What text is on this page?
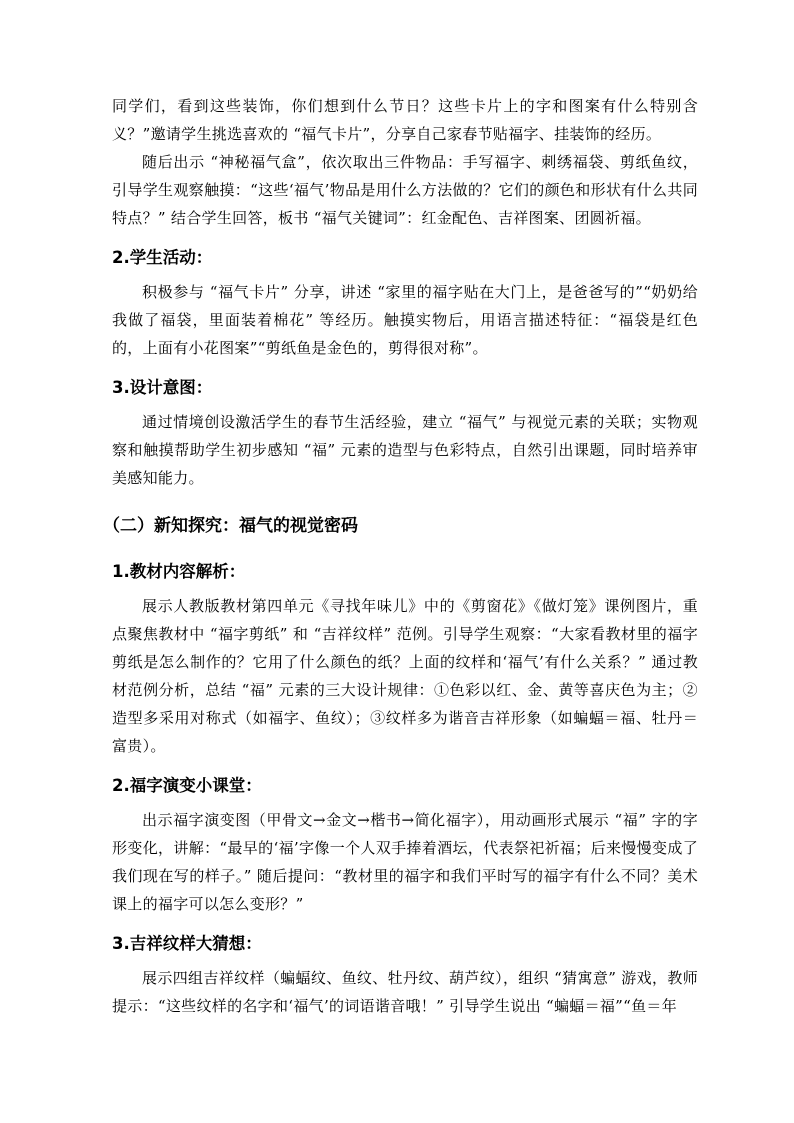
同学们，看到这些装饰，你们想到什么节日？这些卡片上的字和图案有什么特别含义？”邀请学生挑选喜欢的 “福气卡片”，分享自己家春节贴福字、挂装饰的经历。

随后出示 “神秘福气盒”，依次取出三件物品：手写福字、刺绣福袋、剪纸鱼纹，引导学生观察触摸：“这些‘福气’物品是用什么方法做的？它们的颜色和形状有什么共同特点？” 结合学生回答，板书 “福气关键词”：红金配色、吉祥图案、团圆祈福。

2.学生活动：

积极参与 “福气卡片” 分享，讲述 “家里的福字贴在大门上，是爸爸写的”“奶奶给我做了福袋，里面装着棉花” 等经历。触摸实物后，用语言描述特征：“福袋是红色的，上面有小花图案”“剪纸鱼是金色的，剪得很对称”。

3.设计意图：

通过情境创设激活学生的春节生活经验，建立 “福气” 与视觉元素的关联；实物观察和触摸帮助学生初步感知 “福” 元素的造型与色彩特点，自然引出课题，同时培养审美感知能力。

（二）新知探究：福气的视觉密码
1.教材内容解析：

展示人教版教材第四单元《寻找年味儿》中的《剪窗花》《做灯笼》课例图片，重点聚焦教材中 “福字剪纸” 和 “吉祥纹样” 范例。引导学生观察：“大家看教材里的福字剪纸是怎么制作的？它用了什么颜色的纸？上面的纹样和‘福气’有什么关系？” 通过教材范例分析，总结 “福” 元素的三大设计规律：①色彩以红、金、黄等喜庆色为主；②造型多采用对称式（如福字、鱼纹）；③纹样多为谐音吉祥形象（如蝙蝠＝福、牡丹＝富贵）。

2.福字演变小课堂：

出示福字演变图（甲骨文→金文→楷书→简化福字），用动画形式展示 “福” 字的字形变化，讲解：“最早的‘福’字像一个人双手捧着酒坛，代表祭祀祈福；后来慢慢变成了我们现在写的样子。” 随后提问：“教材里的福字和我们平时写的福字有什么不同？美术课上的福字可以怎么变形？”

3.吉祥纹样大猜想：

展示四组吉祥纹样（蝙蝠纹、鱼纹、牡丹纹、葫芦纹），组织 “猜寓意” 游戏，教师提示：“这些纹样的名字和‘福气’的词语谐音哦！” 引导学生说出 “蝙蝠＝福”“鱼＝年
